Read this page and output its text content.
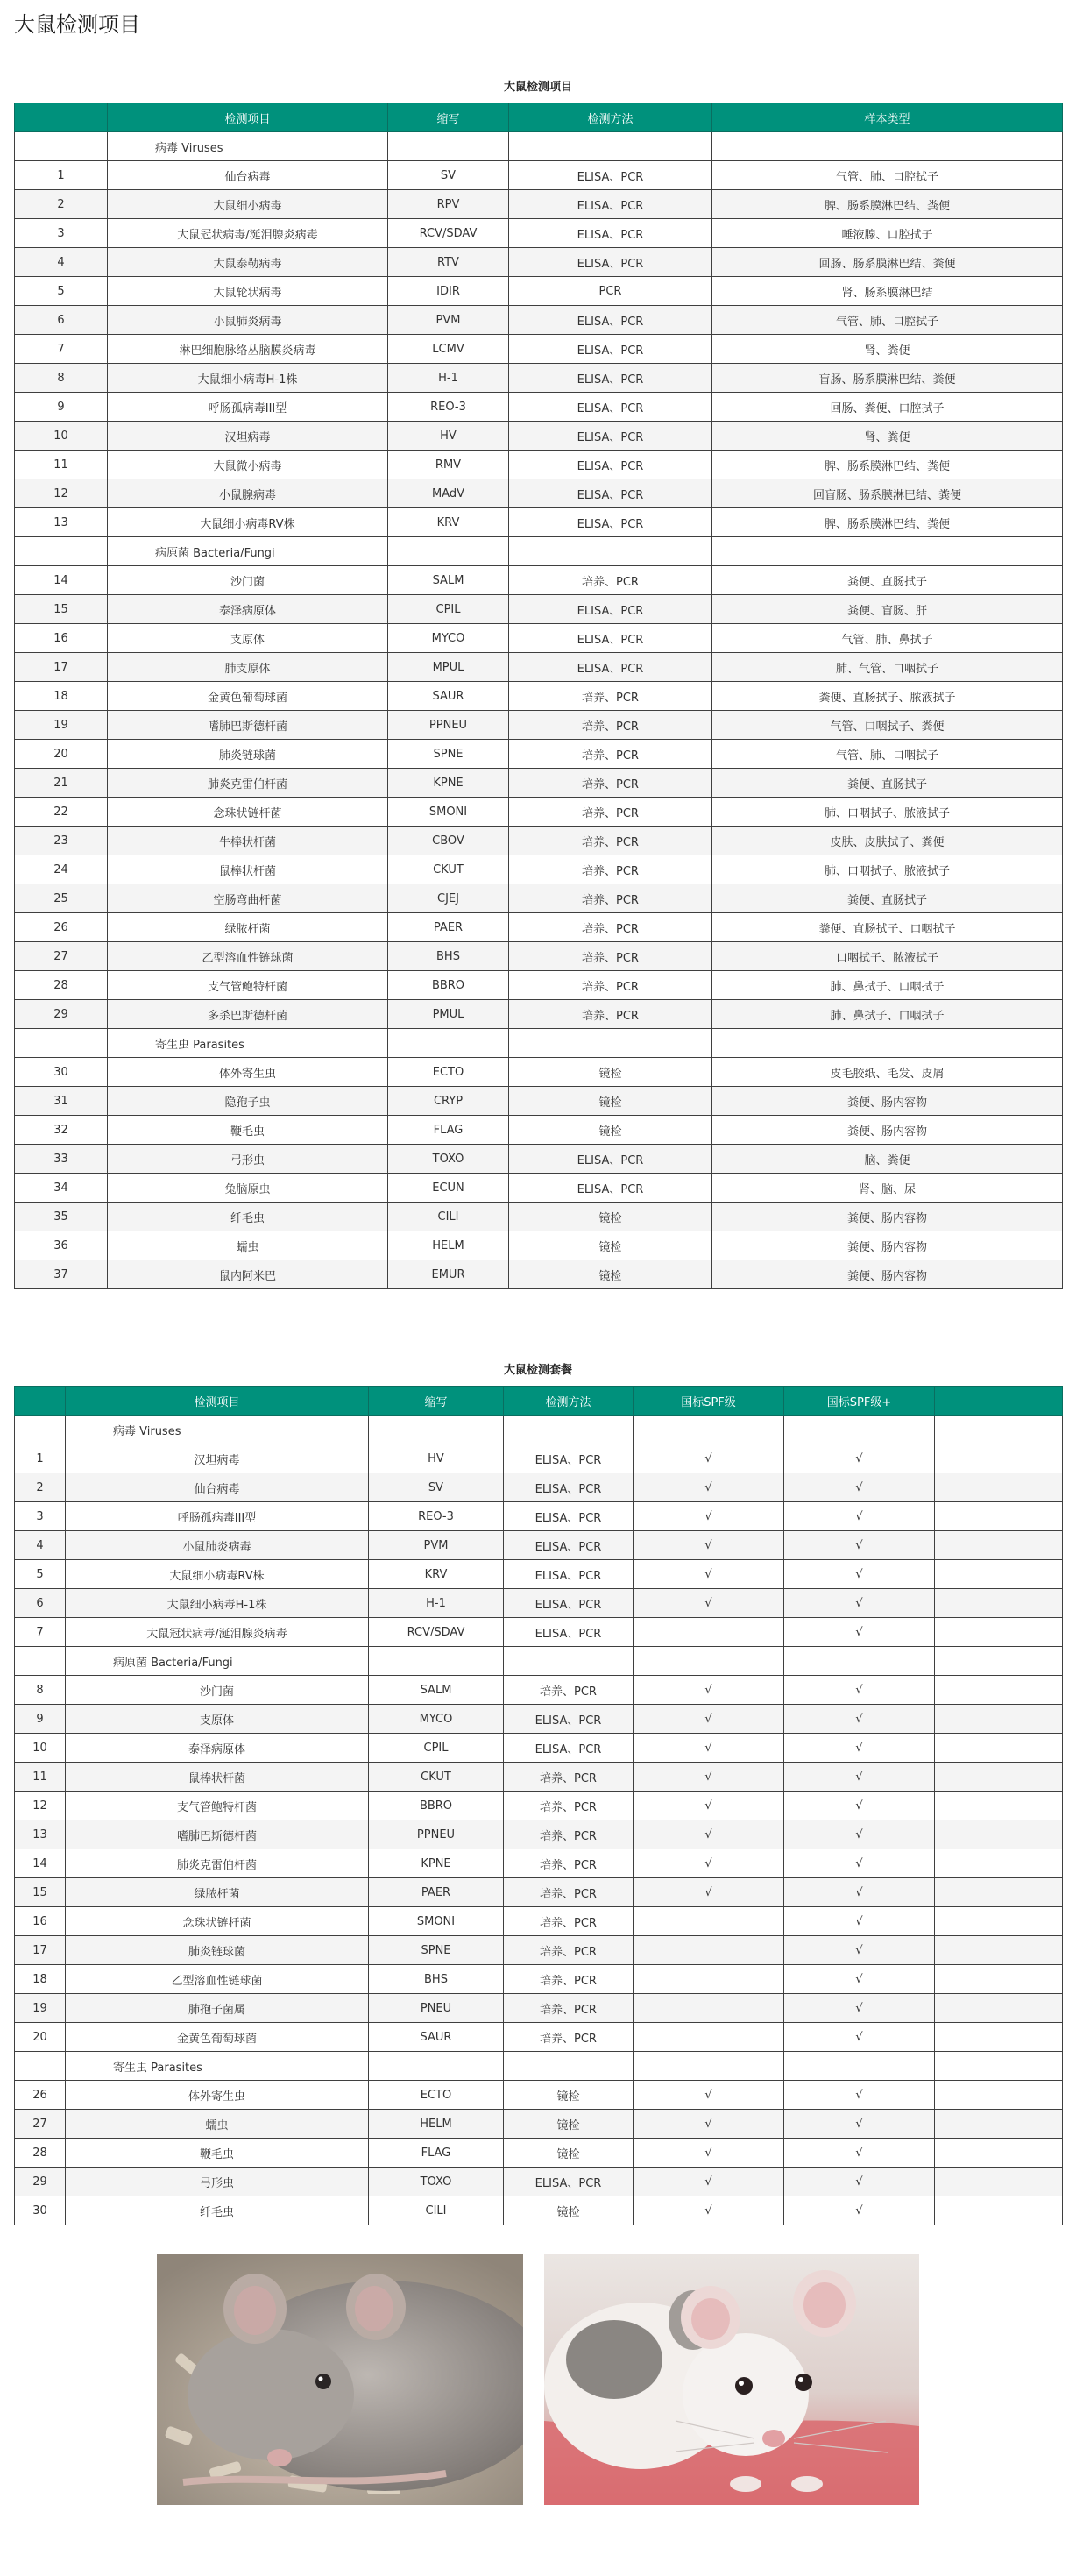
大鼠检测项目
大鼠检测项目
	检测项目	缩写	检测方法	样本类型
	病毒 Viruses			
1	仙台病毒	SV	ELISA、PCR	气管、肺、口腔拭子
2	大鼠细小病毒	RPV	ELISA、PCR	脾、肠系膜淋巴结、粪便
3	大鼠冠状病毒/涎泪腺炎病毒	RCV/SDAV	ELISA、PCR	唾液腺、口腔拭子
4	大鼠泰勒病毒	RTV	ELISA、PCR	回肠、肠系膜淋巴结、粪便
5	大鼠轮状病毒	IDIR	PCR	肾、肠系膜淋巴结
6	小鼠肺炎病毒	PVM	ELISA、PCR	气管、肺、口腔拭子
7	淋巴细胞脉络丛脑膜炎病毒	LCMV	ELISA、PCR	肾、粪便
8	大鼠细小病毒H-1株	H-1	ELISA、PCR	盲肠、肠系膜淋巴结、粪便
9	呼肠孤病毒III型	REO-3	ELISA、PCR	回肠、粪便、口腔拭子
10	汉坦病毒	HV	ELISA、PCR	肾、粪便
11	大鼠微小病毒	RMV	ELISA、PCR	脾、肠系膜淋巴结、粪便
12	小鼠腺病毒	MAdV	ELISA、PCR	回盲肠、肠系膜淋巴结、粪便
13	大鼠细小病毒RV株	KRV	ELISA、PCR	脾、肠系膜淋巴结、粪便
	病原菌 Bacteria/Fungi			
14	沙门菌	SALM	培养、PCR	粪便、直肠拭子
15	泰泽病原体	CPIL	ELISA、PCR	粪便、盲肠、肝
16	支原体	MYCO	ELISA、PCR	气管、肺、鼻拭子
17	肺支原体	MPUL	ELISA、PCR	肺、气管、口咽拭子
18	金黄色葡萄球菌	SAUR	培养、PCR	粪便、直肠拭子、脓液拭子
19	嗜肺巴斯德杆菌	PPNEU	培养、PCR	气管、口咽拭子、粪便
20	肺炎链球菌	SPNE	培养、PCR	气管、肺、口咽拭子
21	肺炎克雷伯杆菌	KPNE	培养、PCR	粪便、直肠拭子
22	念珠状链杆菌	SMONI	培养、PCR	肺、口咽拭子、脓液拭子
23	牛棒状杆菌	CBOV	培养、PCR	皮肤、皮肤拭子、粪便
24	鼠棒状杆菌	CKUT	培养、PCR	肺、口咽拭子、脓液拭子
25	空肠弯曲杆菌	CJEJ	培养、PCR	粪便、直肠拭子
26	绿脓杆菌	PAER	培养、PCR	粪便、直肠拭子、口咽拭子
27	乙型溶血性链球菌	BHS	培养、PCR	口咽拭子、脓液拭子
28	支气管鲍特杆菌	BBRO	培养、PCR	肺、鼻拭子、口咽拭子
29	多杀巴斯德杆菌	PMUL	培养、PCR	肺、鼻拭子、口咽拭子
	寄生虫 Parasites			
30	体外寄生虫	ECTO	镜检	皮毛胶纸、毛发、皮屑
31	隐孢子虫	CRYP	镜检	粪便、肠内容物
32	鞭毛虫	FLAG	镜检	粪便、肠内容物
33	弓形虫	TOXO	ELISA、PCR	脑、粪便
34	兔脑原虫	ECUN	ELISA、PCR	肾、脑、尿
35	纤毛虫	CILI	镜检	粪便、肠内容物
36	蠕虫	HELM	镜检	粪便、肠内容物
37	鼠内阿米巴	EMUR	镜检	粪便、肠内容物
大鼠检测套餐
	检测项目	缩写	检测方法	国标SPF级	国标SPF级+	
	病毒 Viruses					
1	汉坦病毒	HV	ELISA、PCR	√	√	
2	仙台病毒	SV	ELISA、PCR	√	√	
3	呼肠孤病毒III型	REO-3	ELISA、PCR	√	√	
4	小鼠肺炎病毒	PVM	ELISA、PCR	√	√	
5	大鼠细小病毒RV株	KRV	ELISA、PCR	√	√	
6	大鼠细小病毒H-1株	H-1	ELISA、PCR	√	√	
7	大鼠冠状病毒/涎泪腺炎病毒	RCV/SDAV	ELISA、PCR		√	
	病原菌 Bacteria/Fungi					
8	沙门菌	SALM	培养、PCR	√	√	
9	支原体	MYCO	ELISA、PCR	√	√	
10	泰泽病原体	CPIL	ELISA、PCR	√	√	
11	鼠棒状杆菌	CKUT	培养、PCR	√	√	
12	支气管鲍特杆菌	BBRO	培养、PCR	√	√	
13	嗜肺巴斯德杆菌	PPNEU	培养、PCR	√	√	
14	肺炎克雷伯杆菌	KPNE	培养、PCR	√	√	
15	绿脓杆菌	PAER	培养、PCR	√	√	
16	念珠状链杆菌	SMONI	培养、PCR		√	
17	肺炎链球菌	SPNE	培养、PCR		√	
18	乙型溶血性链球菌	BHS	培养、PCR		√	
19	肺孢子菌属	PNEU	培养、PCR		√	
20	金黄色葡萄球菌	SAUR	培养、PCR		√	
	寄生虫 Parasites					
26	体外寄生虫	ECTO	镜检	√	√	
27	蠕虫	HELM	镜检	√	√	
28	鞭毛虫	FLAG	镜检	√	√	
29	弓形虫	TOXO	ELISA、PCR	√	√	
30	纤毛虫	CILI	镜检	√	√	
